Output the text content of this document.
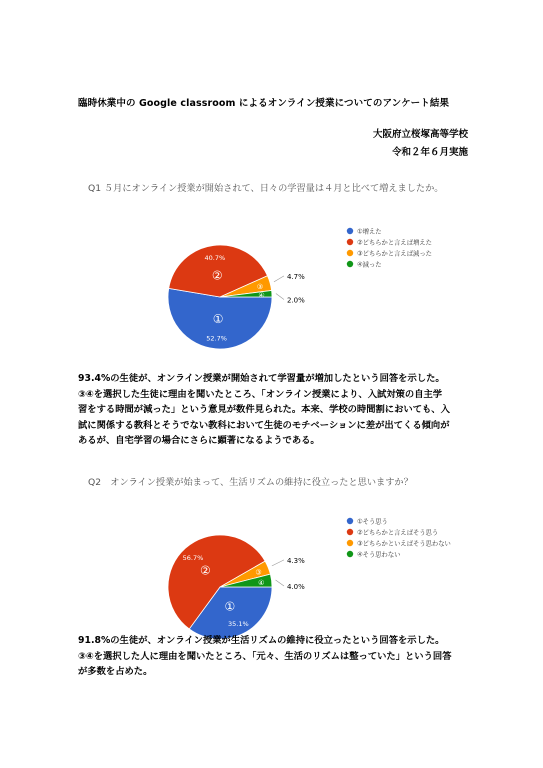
臨時休業中の Google classroom によるオンライン授業についてのアンケート結果
大阪府立桜塚高等学校
令和２年６月実施
Q1 ５月にオンライン授業が開始されて、日々の学習量は４月と比べて増えましたか。
①
52.7%
②
40.7%
③
4.7%
④
2.0%
①増えた
②どちらかと言えば増えた
③どちらかと言えば減った
④減った
93.4%の生徒が、オンライン授業が開始されて学習量が増加したという回答を示した。
③④を選択した生徒に理由を聞いたところ、「オンライン授業により、入試対策の自主学
習をする時間が減った」という意見が数件見られた。本来、学校の時間割においても、入
試に関係する教科とそうでない教科において生徒のモチベーションに差が出てくる傾向が
あるが、自宅学習の場合にさらに顕著になるようである。
Q2　オンライン授業が始まって、生活リズムの維持に役立ったと思いますか？
①
35.1%
②
56.7%
③
4.3%
④
4.0%
①そう思う
②どちらかと言えばそう思う
③どちらかといえばそう思わない
④そう思わない
91.8%の生徒が、オンライン授業が生活リズムの維持に役立ったという回答を示した。
③④を選択した人に理由を聞いたところ、「元々、生活のリズムは整っていた」という回答
が多数を占めた。
